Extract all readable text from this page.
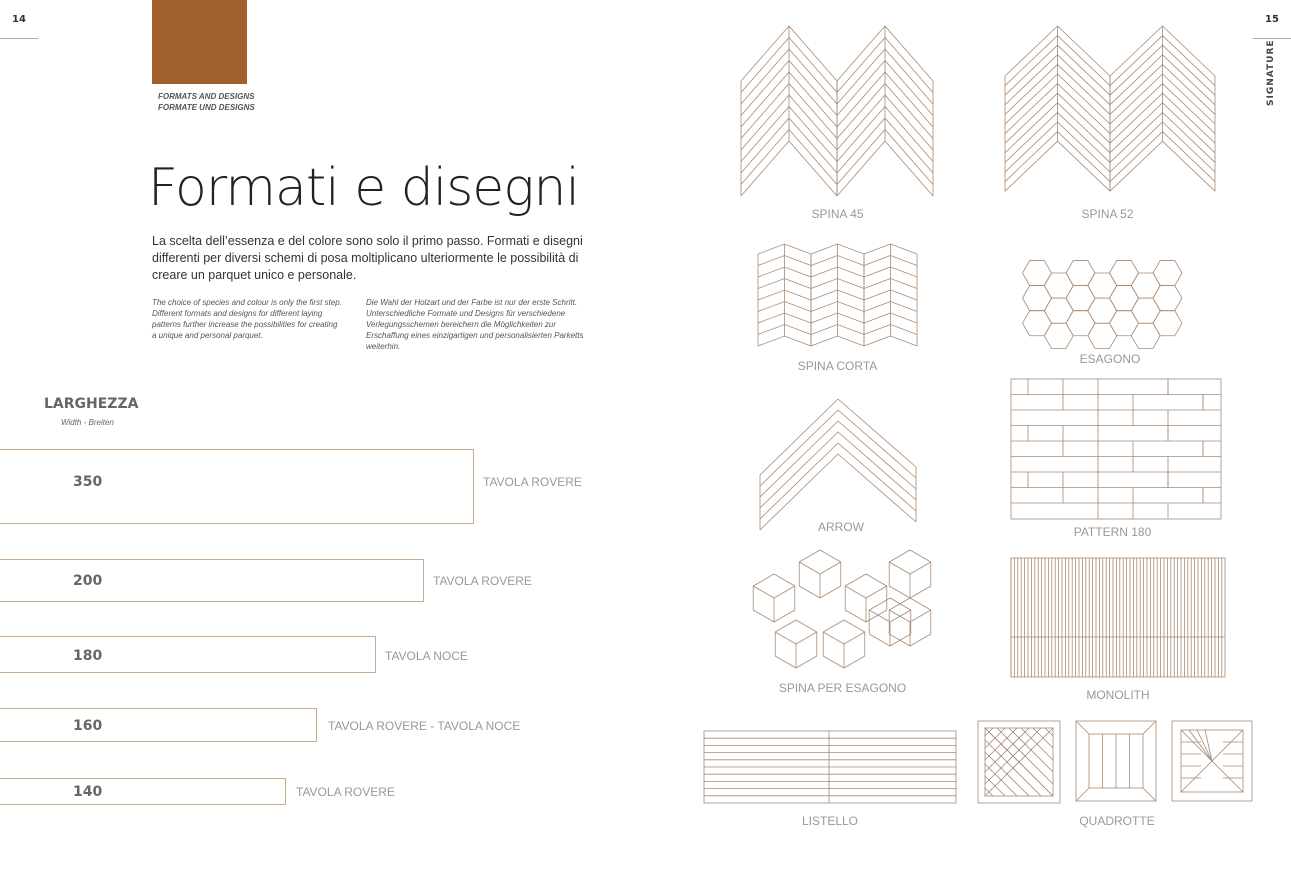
14
FORMATS AND DESIGNS
FORMATE UND DESIGNS
Formati e disegni
La scelta dell’essenza e del colore sono solo il primo passo. Formati e disegni differenti per diversi schemi di posa moltiplicano ulteriormente le possibilità di creare un parquet unico e personale.
The choice of species and colour is only the first step. Different formats and designs for different laying patterns further increase the possibilities for creating a unique and personal parquet.
Die Wahl der Holzart und der Farbe ist nur der erste Schritt. Unterschiedliche Formate und Designs für verschiedene Verlegungsschemen bereichern die Möglichkeiten zur Erschaffung eines einzigartigen und personalisierten Parketts weiterhin.
LARGHEZZA
Width - Breiten
350	TAVOLA ROVERE
200	TAVOLA ROVERE
180	TAVOLA NOCE
160	TAVOLA ROVERE - TAVOLA NOCE
140	TAVOLA ROVERE
15
SIGNATURE
SPINA 45	SPINA 52
SPINA CORTA	ESAGONO
ARROW	PATTERN 180
SPINA PER ESAGONO	MONOLITH
LISTELLO	QUADROTTE
